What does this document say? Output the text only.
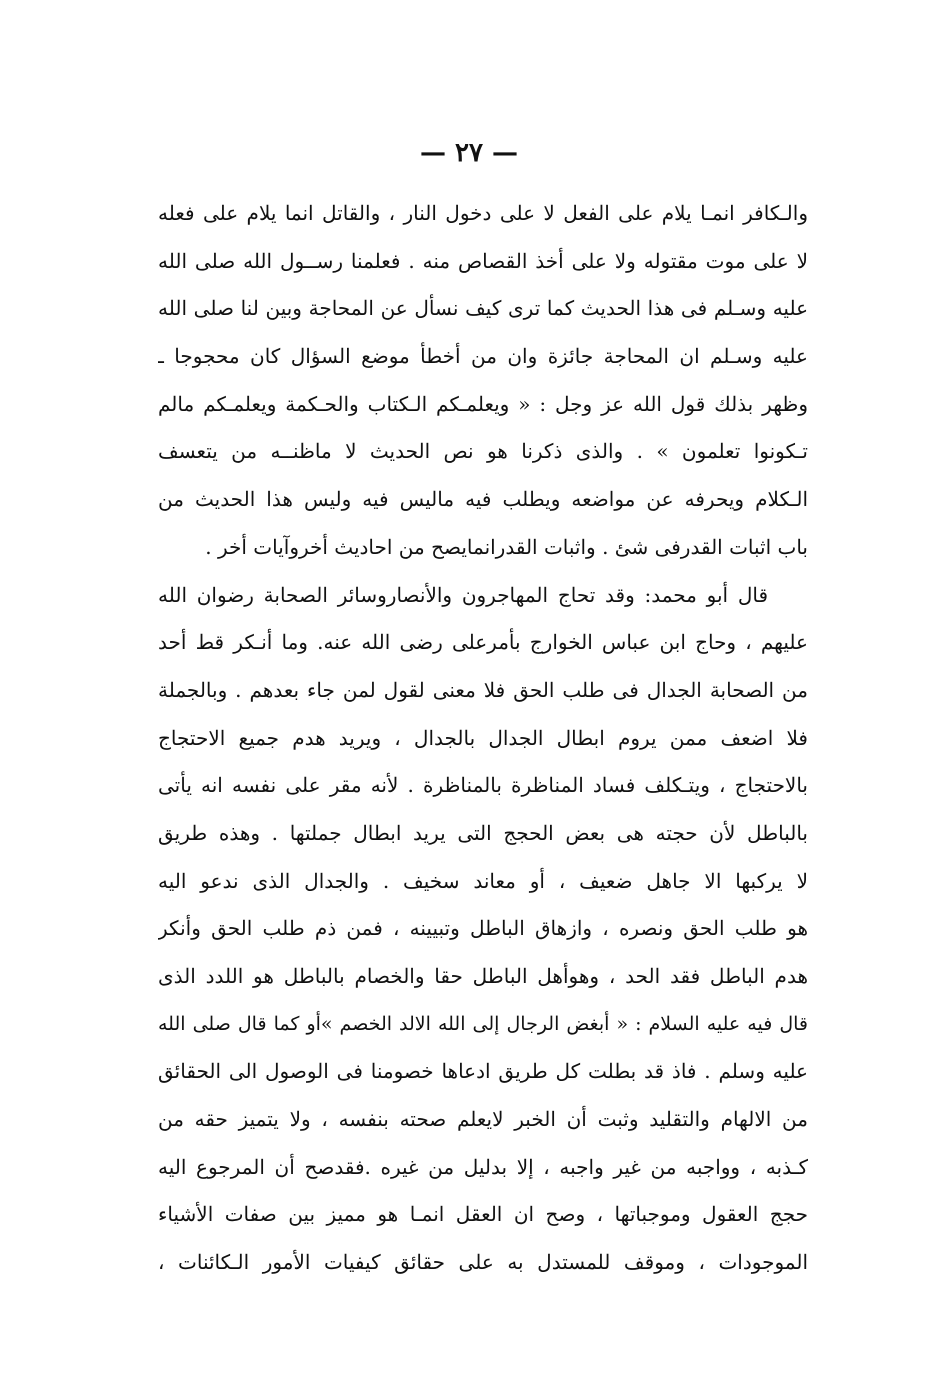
— ٢٧ —
والـكافر انمـا يلام على الفعل لا على دخول النار ، والقاتل انما يلام على فعله
لا على موت مقتوله ولا على أخذ القصاص منه . فعلمنا رســول الله صلى الله
عليه وسـلم فى هذا الحديث كما ترى كيف نسأل عن المحاجة وبين لنا صلى الله
عليه وسـلم ان المحاجة جائزة وان من أخطأ موضع السؤال كان محجوجا ـ
وظهر بذلك قول الله عز وجل : « ويعلمـكم الـكتاب والحـكمة ويعلمـكم مالم
تـكونوا تعلمون » . والذى ذكرنا هو نص الحديث لا ماظنــه من يتعسف
الـكلام ويحرفه عن مواضعه ويطلب فيه ماليس فيه وليس هذا الحديث من
باب اثبات القدرفى شئ . واثبات القدرانمايصح من احاديث أخروآيات أخر .
قال أبو محمد: وقد تحاج المهاجرون والأنصاروسائر الصحابة رضوان الله
عليهم ، وحاج ابن عباس الخوارج بأمرعلى رضى الله عنه. وما أنـكر قط أحد
من الصحابة الجدال فى طلب الحق فلا معنى لقول لمن جاء بعدهم . وبالجملة
فلا اضعف ممن يروم ابطال الجدال بالجدال ، ويريد هدم جميع الاحتجاج
بالاحتجاج ، ويتـكلف فساد المناظرة بالمناظرة . لأنه مقر على نفسه انه يأتى
بالباطل لأن حجته هى بعض الحجج التى يريد ابطال جملتها . وهذه طريق
لا يركبها الا جاهل ضعيف ، أو معاند سخيف . والجدال الذى ندعو اليه
هو طلب الحق ونصره ، وازهاق الباطل وتبيينه ، فمن ذم طلب الحق وأنكر
هدم الباطل فقد الحد ، وهوأهل الباطل حقا والخصام بالباطل هو اللدد الذى
قال فيه عليه السلام : « أبغض الرجال إلى الله الالد الخصم »أو كما قال صلى الله
عليه وسلم . فاذ قد بطلت كل طريق ادعاها خصومنا فى الوصول الى الحقائق
من الالهام والتقليد وثبت أن الخبر لايعلم صحته بنفسه ، ولا يتميز حقه من
كـذبه ، وواجبه من غير واجبه ، إلا بدليل من غيره .فقدصح أن المرجوع اليه
حجج العقول وموجباتها ، وصح ان العقل انمـا هو مميز بين صفات الأشياء
الموجودات ، وموقف للمستدل به على حقائق كيفيات الأمور الـكائنات ،
